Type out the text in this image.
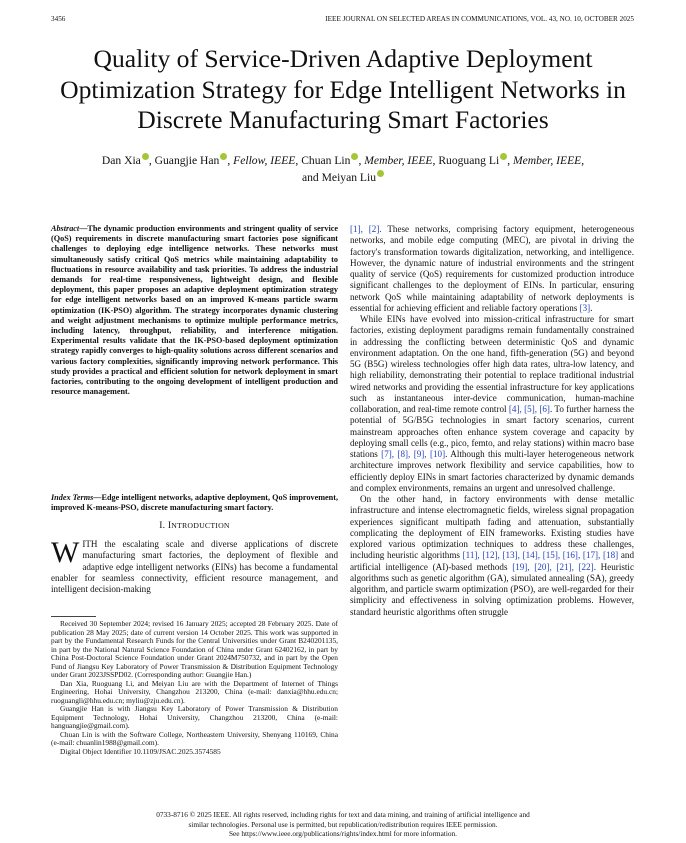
3456	IEEE JOURNAL ON SELECTED AREAS IN COMMUNICATIONS, VOL. 43, NO. 10, OCTOBER 2025
Quality of Service-Driven Adaptive Deployment Optimization Strategy for Edge Intelligent Networks in Discrete Manufacturing Smart Factories
Dan Xia , Guangjie Han , Fellow, IEEE, Chuan Lin , Member, IEEE, Ruoguang Li , Member, IEEE,
and Meiyan Liu
Abstract—The dynamic production environments and stringent quality of service (QoS) requirements in discrete manufacturing smart factories pose significant challenges to deploying edge intelligence networks. These networks must simultaneously satisfy critical QoS metrics while maintaining adaptability to fluctuations in resource availability and task priorities. To address the industrial demands for real-time responsiveness, lightweight design, and flexible deployment, this paper proposes an adaptive deployment optimization strategy for edge intelligent networks based on an improved K-means particle swarm optimization (IK-PSO) algorithm. The strategy incorporates dynamic clustering and weight adjustment mechanisms to optimize multiple performance metrics, including latency, throughput, reliability, and interference mitigation. Experimental results validate that the IK-PSO-based deployment optimization strategy rapidly converges to high-quality solutions across different scenarios and various factory complexities, significantly improving network performance. This study provides a practical and efficient solution for network deployment in smart factories, contributing to the ongoing development of intelligent production and resource management.
Index Terms—Edge intelligent networks, adaptive deployment, QoS improvement, improved K-means-PSO, discrete manufacturing smart factory.
I. INTRODUCTION
WITH the escalating scale and diverse applications of discrete manufacturing smart factories, the deployment of flexible and adaptive edge intelligent networks (EINs) has become a fundamental enabler for seamless connectivity, efficient resource management, and intelligent decision-making

Received 30 September 2024; revised 16 January 2025; accepted 28 February 2025. Date of publication 28 May 2025; date of current version 14 October 2025. This work was supported in part by the Fundamental Research Funds for the Central Universities under Grant B240201135, in part by the National Natural Science Foundation of China under Grant 62402162, in part by China Post-Doctoral Science Foundation under Grant 2024M750732, and in part by the Open Fund of Jiangsu Key Laboratory of Power Transmission & Distribution Equipment Technology under Grant 2023JSSPD02. (Corresponding author: Guangjie Han.)

Dan Xia, Ruoguang Li, and Meiyan Liu are with the Department of Internet of Things Engineering, Hohai University, Changzhou 213200, China (e-mail: danxia@hhu.edu.cn; ruoguangli@hhu.edu.cn; myliu@zju.edu.cn).

Guangjie Han is with Jiangsu Key Laboratory of Power Transmission & Distribution Equipment Technology, Hohai University, Changzhou 213200, China (e-mail: hanguangjie@gmail.com).

Chuan Lin is with the Software College, Northeastern University, Shenyang 110169, China (e-mail: chuanlin1988@gmail.com).

Digital Object Identifier 10.1109/JSAC.2025.3574585

[1], [2]. These networks, comprising factory equipment, heterogeneous networks, and mobile edge computing (MEC), are pivotal in driving the factory's transformation towards digitalization, networking, and intelligence. However, the dynamic nature of industrial environments and the stringent quality of service (QoS) requirements for customized production introduce significant challenges to the deployment of EINs. In particular, ensuring network QoS while maintaining adaptability of network deployments is essential for achieving efficient and reliable factory operations [3].

While EINs have evolved into mission-critical infrastructure for smart factories, existing deployment paradigms remain fundamentally constrained in addressing the conflicting between deterministic QoS and dynamic environment adaptation. On the one hand, fifth-generation (5G) and beyond 5G (B5G) wireless technologies offer high data rates, ultra-low latency, and high reliability, demonstrating their potential to replace traditional industrial wired networks and providing the essential infrastructure for key applications such as instantaneous inter-device communication, human-machine collaboration, and real-time remote control [4], [5], [6]. To further harness the potential of 5G/B5G technologies in smart factory scenarios, current mainstream approaches often enhance system coverage and capacity by deploying small cells (e.g., pico, femto, and relay stations) within macro base stations [7], [8], [9], [10]. Although this multi-layer heterogeneous network architecture improves network flexibility and service capabilities, how to efficiently deploy EINs in smart factories characterized by dynamic demands and complex environments, remains an urgent and unresolved challenge.

On the other hand, in factory environments with dense metallic infrastructure and intense electromagnetic fields, wireless signal propagation experiences significant multipath fading and attenuation, substantially complicating the deployment of EIN frameworks. Existing studies have explored various optimization techniques to address these challenges, including heuristic algorithms [11], [12], [13], [14], [15], [16], [17], [18] and artificial intelligence (AI)-based methods [19], [20], [21], [22]. Heuristic algorithms such as genetic algorithm (GA), simulated annealing (SA), greedy algorithm, and particle swarm optimization (PSO), are well-regarded for their simplicity and effectiveness in solving optimization problems. However, standard heuristic algorithms often struggle

0733-8716 © 2025 IEEE. All rights reserved, including rights for text and data mining, and training of artificial intelligence and
similar technologies. Personal use is permitted, but republication/redistribution requires IEEE permission.
See https://www.ieee.org/publications/rights/index.html for more information.
